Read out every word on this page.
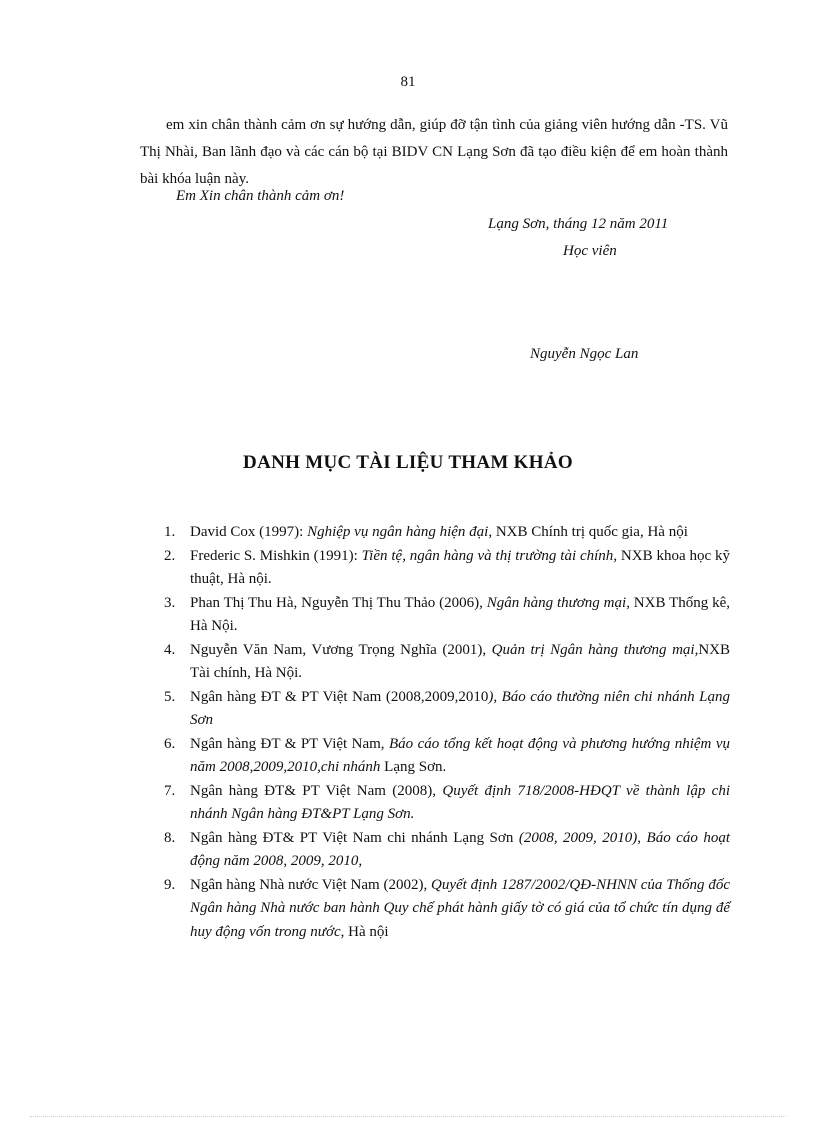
81

em xin chân thành cảm ơn sự hướng dẫn, giúp đỡ tận tình của giảng viên hướng dẫn -TS. Vũ Thị Nhài, Ban lãnh đạo và các cán bộ tại BIDV CN Lạng Sơn đã tạo điều kiện để em hoàn thành bài khóa luận này.

Em Xin chân thành cảm ơn!
Lạng Sơn, tháng 12 năm 2011
Học viên
Nguyễn Ngọc Lan
DANH MỤC TÀI LIỆU THAM KHẢO
1. David Cox (1997): Nghiệp vụ ngân hàng hiện đại, NXB Chính trị quốc gia, Hà nội
2. Frederic S. Mishkin (1991): Tiền tệ, ngân hàng và thị trường tài chính, NXB khoa học kỹ thuật, Hà nội.
3. Phan Thị Thu Hà, Nguyễn Thị Thu Thảo (2006), Ngân hàng thương mại, NXB Thống kê, Hà Nội.
4. Nguyễn Văn Nam, Vương Trọng Nghĩa (2001), Quản trị Ngân hàng thương mại,NXB Tài chính, Hà Nội.
5. Ngân hàng ĐT & PT Việt Nam (2008,2009,2010), Báo cáo thường niên chi nhánh Lạng Sơn
6. Ngân hàng ĐT & PT Việt Nam, Báo cáo tổng kết hoạt động và phương hướng nhiệm vụ năm 2008,2009,2010,chi nhánh Lạng Sơn.
7. Ngân hàng ĐT& PT Việt Nam (2008), Quyết định 718/2008-HĐQT về thành lập chi nhánh Ngân hàng ĐT&PT Lạng Sơn.
8. Ngân hàng ĐT& PT Việt Nam chi nhánh Lạng Sơn (2008, 2009, 2010), Báo cáo hoạt động năm 2008, 2009, 2010,
9. Ngân hàng Nhà nước Việt Nam (2002), Quyết định 1287/2002/QĐ-NHNN của Thống đốc Ngân hàng Nhà nước ban hành Quy chế phát hành giấy tờ có giá của tổ chức tín dụng để huy động vốn trong nước, Hà nội
